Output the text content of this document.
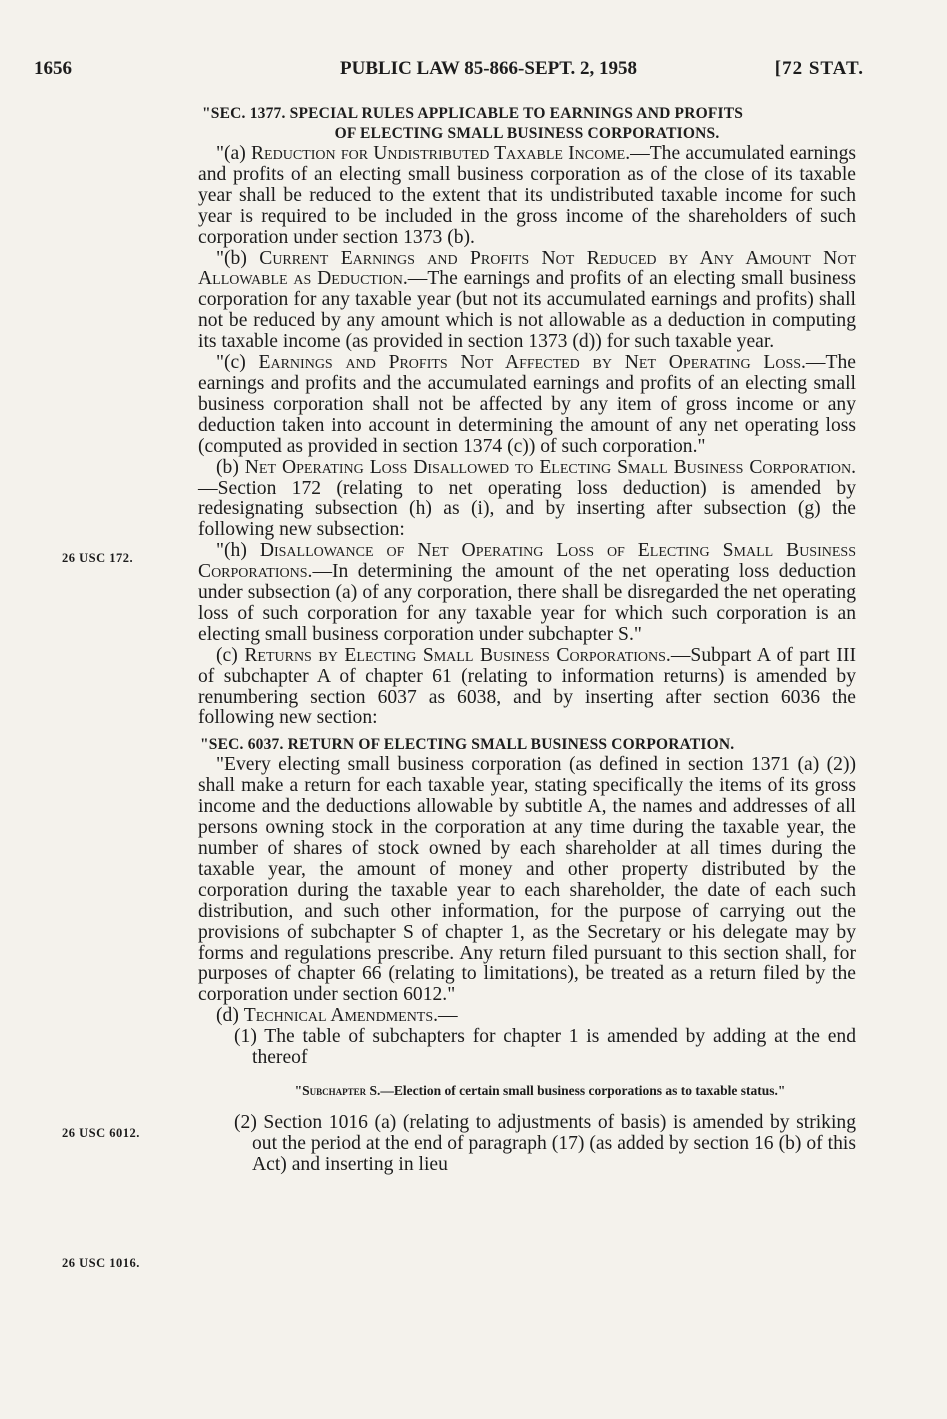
1656	PUBLIC LAW 85-866-SEPT. 2, 1958	[72 STAT.
26 USC 172.
26 USC 6012.
26 USC 1016.
"SEC. 1377. SPECIAL RULES APPLICABLE TO EARNINGS AND PROFITS
OF ELECTING SMALL BUSINESS CORPORATIONS.

"(a) Reduction for Undistributed Taxable Income.—The accumulated earnings and profits of an electing small business corporation as of the close of its taxable year shall be reduced to the extent that its undistributed taxable income for such year is required to be included in the gross income of the shareholders of such corporation under section 1373 (b).

"(b) Current Earnings and Profits Not Reduced by Any Amount Not Allowable as Deduction.—The earnings and profits of an electing small business corporation for any taxable year (but not its accumulated earnings and profits) shall not be reduced by any amount which is not allowable as a deduction in computing its taxable income (as provided in section 1373 (d)) for such taxable year.

"(c) Earnings and Profits Not Affected by Net Operating Loss.—The earnings and profits and the accumulated earnings and profits of an electing small business corporation shall not be affected by any item of gross income or any deduction taken into account in determining the amount of any net operating loss (computed as provided in section 1374 (c)) of such corporation."

(b) Net Operating Loss Disallowed to Electing Small Business Corporation.—Section 172 (relating to net operating loss deduction) is amended by redesignating subsection (h) as (i), and by inserting after subsection (g) the following new subsection:

"(h) Disallowance of Net Operating Loss of Electing Small Business Corporations.—In determining the amount of the net operating loss deduction under subsection (a) of any corporation, there shall be disregarded the net operating loss of such corporation for any taxable year for which such corporation is an electing small business corporation under subchapter S."

(c) Returns by Electing Small Business Corporations.—Subpart A of part III of subchapter A of chapter 61 (relating to information returns) is amended by renumbering section 6037 as 6038, and by inserting after section 6036 the following new section:

"SEC. 6037. RETURN OF ELECTING SMALL BUSINESS CORPORATION.

"Every electing small business corporation (as defined in section 1371 (a) (2)) shall make a return for each taxable year, stating specifically the items of its gross income and the deductions allowable by subtitle A, the names and addresses of all persons owning stock in the corporation at any time during the taxable year, the number of shares of stock owned by each shareholder at all times during the taxable year, the amount of money and other property distributed by the corporation during the taxable year to each shareholder, the date of each such distribution, and such other information, for the purpose of carrying out the provisions of subchapter S of chapter 1, as the Secretary or his delegate may by forms and regulations prescribe. Any return filed pursuant to this section shall, for purposes of chapter 66 (relating to limitations), be treated as a return filed by the corporation under section 6012."

(d) Technical Amendments.—

(1) The table of subchapters for chapter 1 is amended by adding at the end thereof

"Subchapter S.—Election of certain small business corporations as to taxable status."

(2) Section 1016 (a) (relating to adjustments of basis) is amended by striking out the period at the end of paragraph (17) (as added by section 16 (b) of this Act) and inserting in lieu
